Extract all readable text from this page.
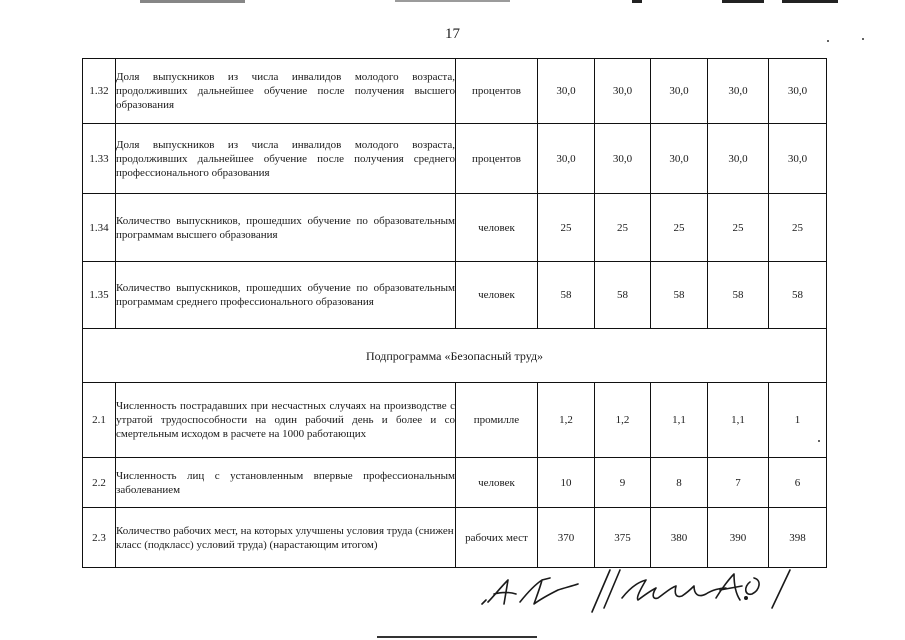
17
1.32	Доля выпускников из числа инвалидов молодого возраста, продолживших дальнейшее обучение после получения высшего образования	процентов	30,0	30,0	30,0	30,0	30,0
1.33	Доля выпускников из числа инвалидов молодого возраста, продолживших дальнейшее обучение после получения среднего профессионального образования	процентов	30,0	30,0	30,0	30,0	30,0
1.34	Количество выпускников, прошедших обучение по образовательным программам высшего образования	человек	25	25	25	25	25
1.35	Количество выпускников, прошедших обучение по образовательным программам среднего профессионального образования	человек	58	58	58	58	58
Подпрограмма «Безопасный труд»							
2.1	Численность пострадавших при несчастных случаях на производстве с утратой трудоспособности на один рабочий день и более и со смертельным исходом в расчете на 1000 работающих	промилле	1,2	1,2	1,1	1,1	1
2.2	Численность лиц с установленным впервые профессиональным заболеванием	человек	10	9	8	7	6
2.3	Количество рабочих мест, на которых улучшены условия труда (снижен класс (подкласс) условий труда) (нарастающим итогом)	рабочих мест	370	375	380	390	398
